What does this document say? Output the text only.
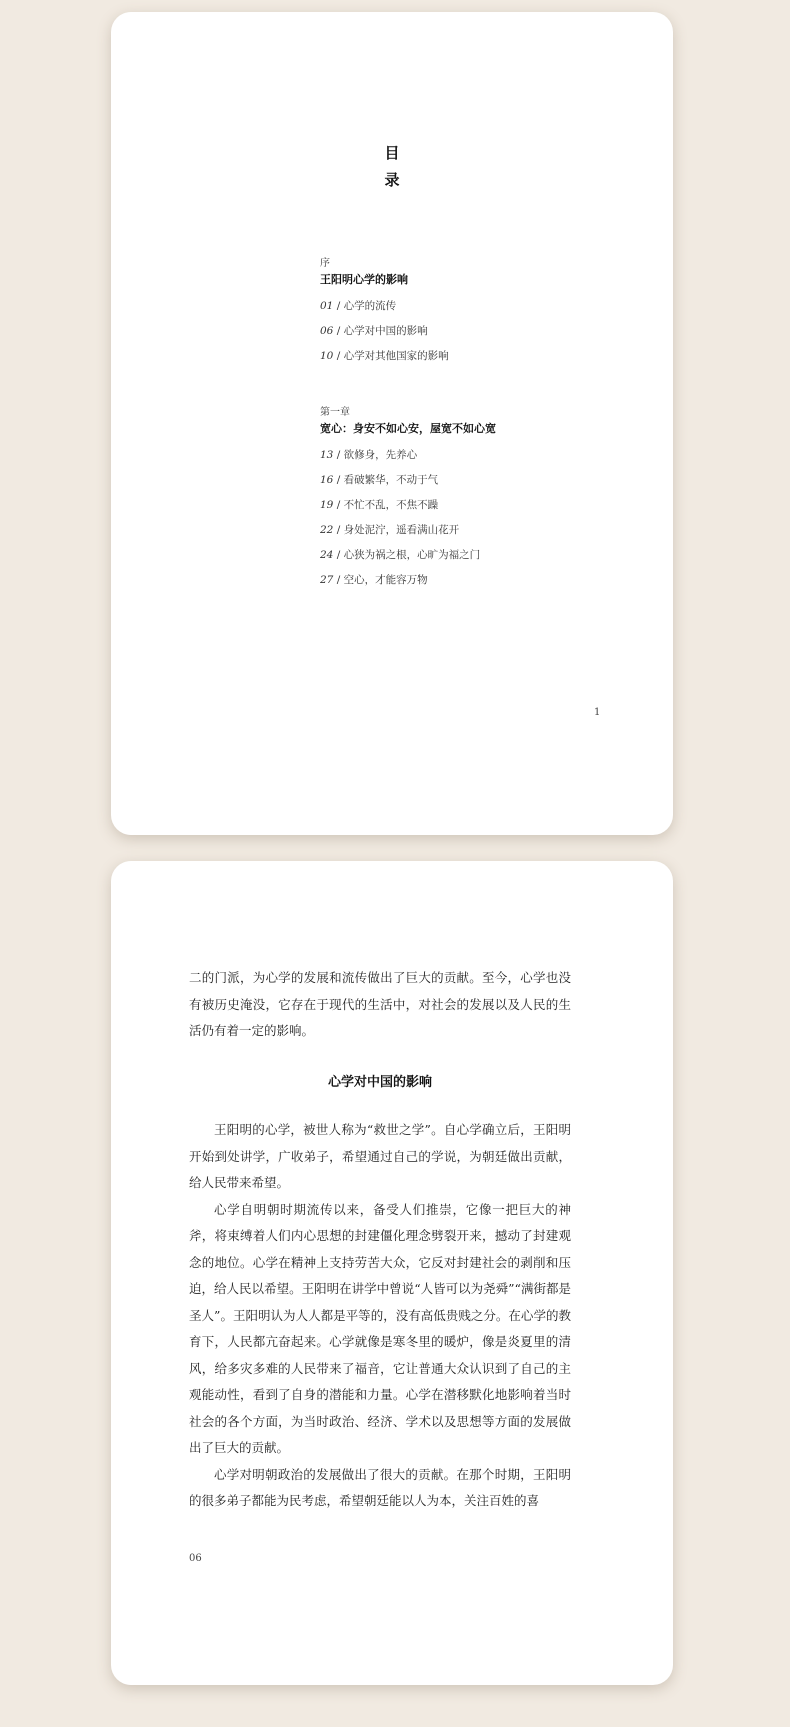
目
录
序
王阳明心学的影响
01 / 心学的流传
06 / 心学对中国的影响
10 / 心学对其他国家的影响
第一章
宽心：身安不如心安，屋宽不如心宽
13 / 欲修身，先养心
16 / 看破繁华，不动于气
19 / 不忙不乱，不焦不躁
22 / 身处泥泞，遥看满山花开
24 / 心狭为祸之根，心旷为福之门
27 / 空心，才能容万物
1

二的门派，为心学的发展和流传做出了巨大的贡献。至今，心学也没有被历史淹没，它存在于现代的生活中，对社会的发展以及人民的生活仍有着一定的影响。

心学对中国的影响

王阳明的心学，被世人称为“救世之学”。自心学确立后，王阳明开始到处讲学，广收弟子，希望通过自己的学说，为朝廷做出贡献，给人民带来希望。

心学自明朝时期流传以来，备受人们推崇，它像一把巨大的神斧，将束缚着人们内心思想的封建僵化理念劈裂开来，撼动了封建观念的地位。心学在精神上支持劳苦大众，它反对封建社会的剥削和压迫，给人民以希望。王阳明在讲学中曾说“人皆可以为尧舜”“满街都是圣人”。王阳明认为人人都是平等的，没有高低贵贱之分。在心学的教育下，人民都亢奋起来。心学就像是寒冬里的暖炉，像是炎夏里的清风，给多灾多难的人民带来了福音，它让普通大众认识到了自己的主观能动性，看到了自身的潜能和力量。心学在潜移默化地影响着当时社会的各个方面，为当时政治、经济、学术以及思想等方面的发展做出了巨大的贡献。

心学对明朝政治的发展做出了很大的贡献。在那个时期，王阳明的很多弟子都能为民考虑，希望朝廷能以人为本，关注百姓的喜

06
